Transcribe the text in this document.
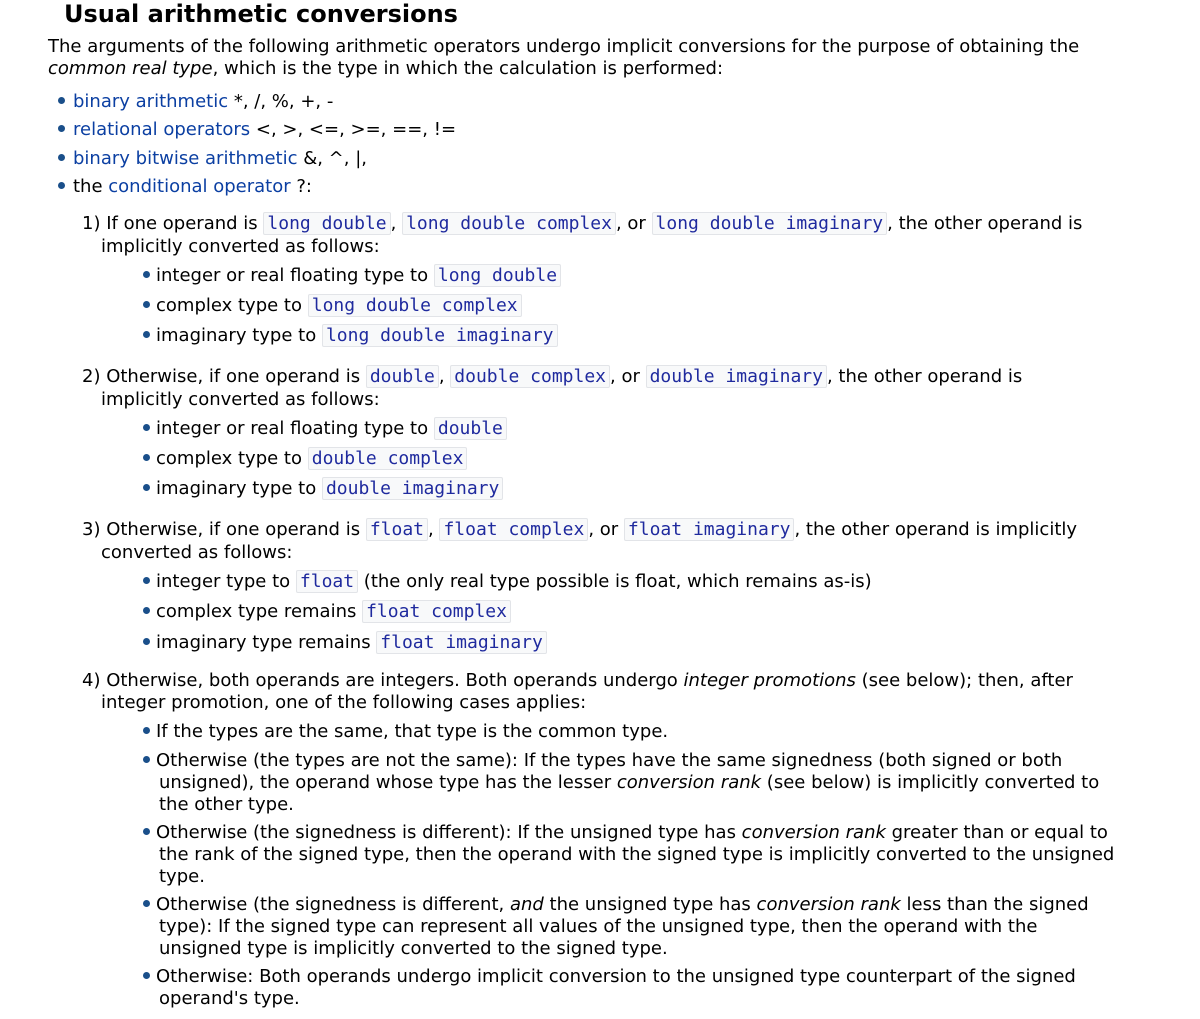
Usual arithmetic conversions
The arguments of the following arithmetic operators undergo implicit conversions for the purpose of obtaining the
common real type, which is the type in which the calculation is performed:
binary arithmetic *, /, %, +, -
relational operators <, >, <=, >=, ==, !=
binary bitwise arithmetic &, ^, |,
the conditional operator ?:
1) If one operand is long double , long double complex , or long double imaginary , the other operand is
implicitly converted as follows:
integer or real floating type to long double
complex type to long double complex
imaginary type to long double imaginary
2) Otherwise, if one operand is double , double complex , or double imaginary , the other operand is
implicitly converted as follows:
integer or real floating type to double
complex type to double complex
imaginary type to double imaginary
3) Otherwise, if one operand is float , float complex , or float imaginary , the other operand is implicitly
converted as follows:
integer type to float (the only real type possible is float, which remains as-is)
complex type remains float complex
imaginary type remains float imaginary
4) Otherwise, both operands are integers. Both operands undergo integer promotions (see below); then, after
integer promotion, one of the following cases applies:
If the types are the same, that type is the common type.
Otherwise (the types are not the same): If the types have the same signedness (both signed or both
unsigned), the operand whose type has the lesser conversion rank (see below) is implicitly converted to
the other type.
Otherwise (the signedness is different): If the unsigned type has conversion rank greater than or equal to
the rank of the signed type, then the operand with the signed type is implicitly converted to the unsigned
type.
Otherwise (the signedness is different, and the unsigned type has conversion rank less than the signed
type): If the signed type can represent all values of the unsigned type, then the operand with the
unsigned type is implicitly converted to the signed type.
Otherwise: Both operands undergo implicit conversion to the unsigned type counterpart of the signed
operand's type.
